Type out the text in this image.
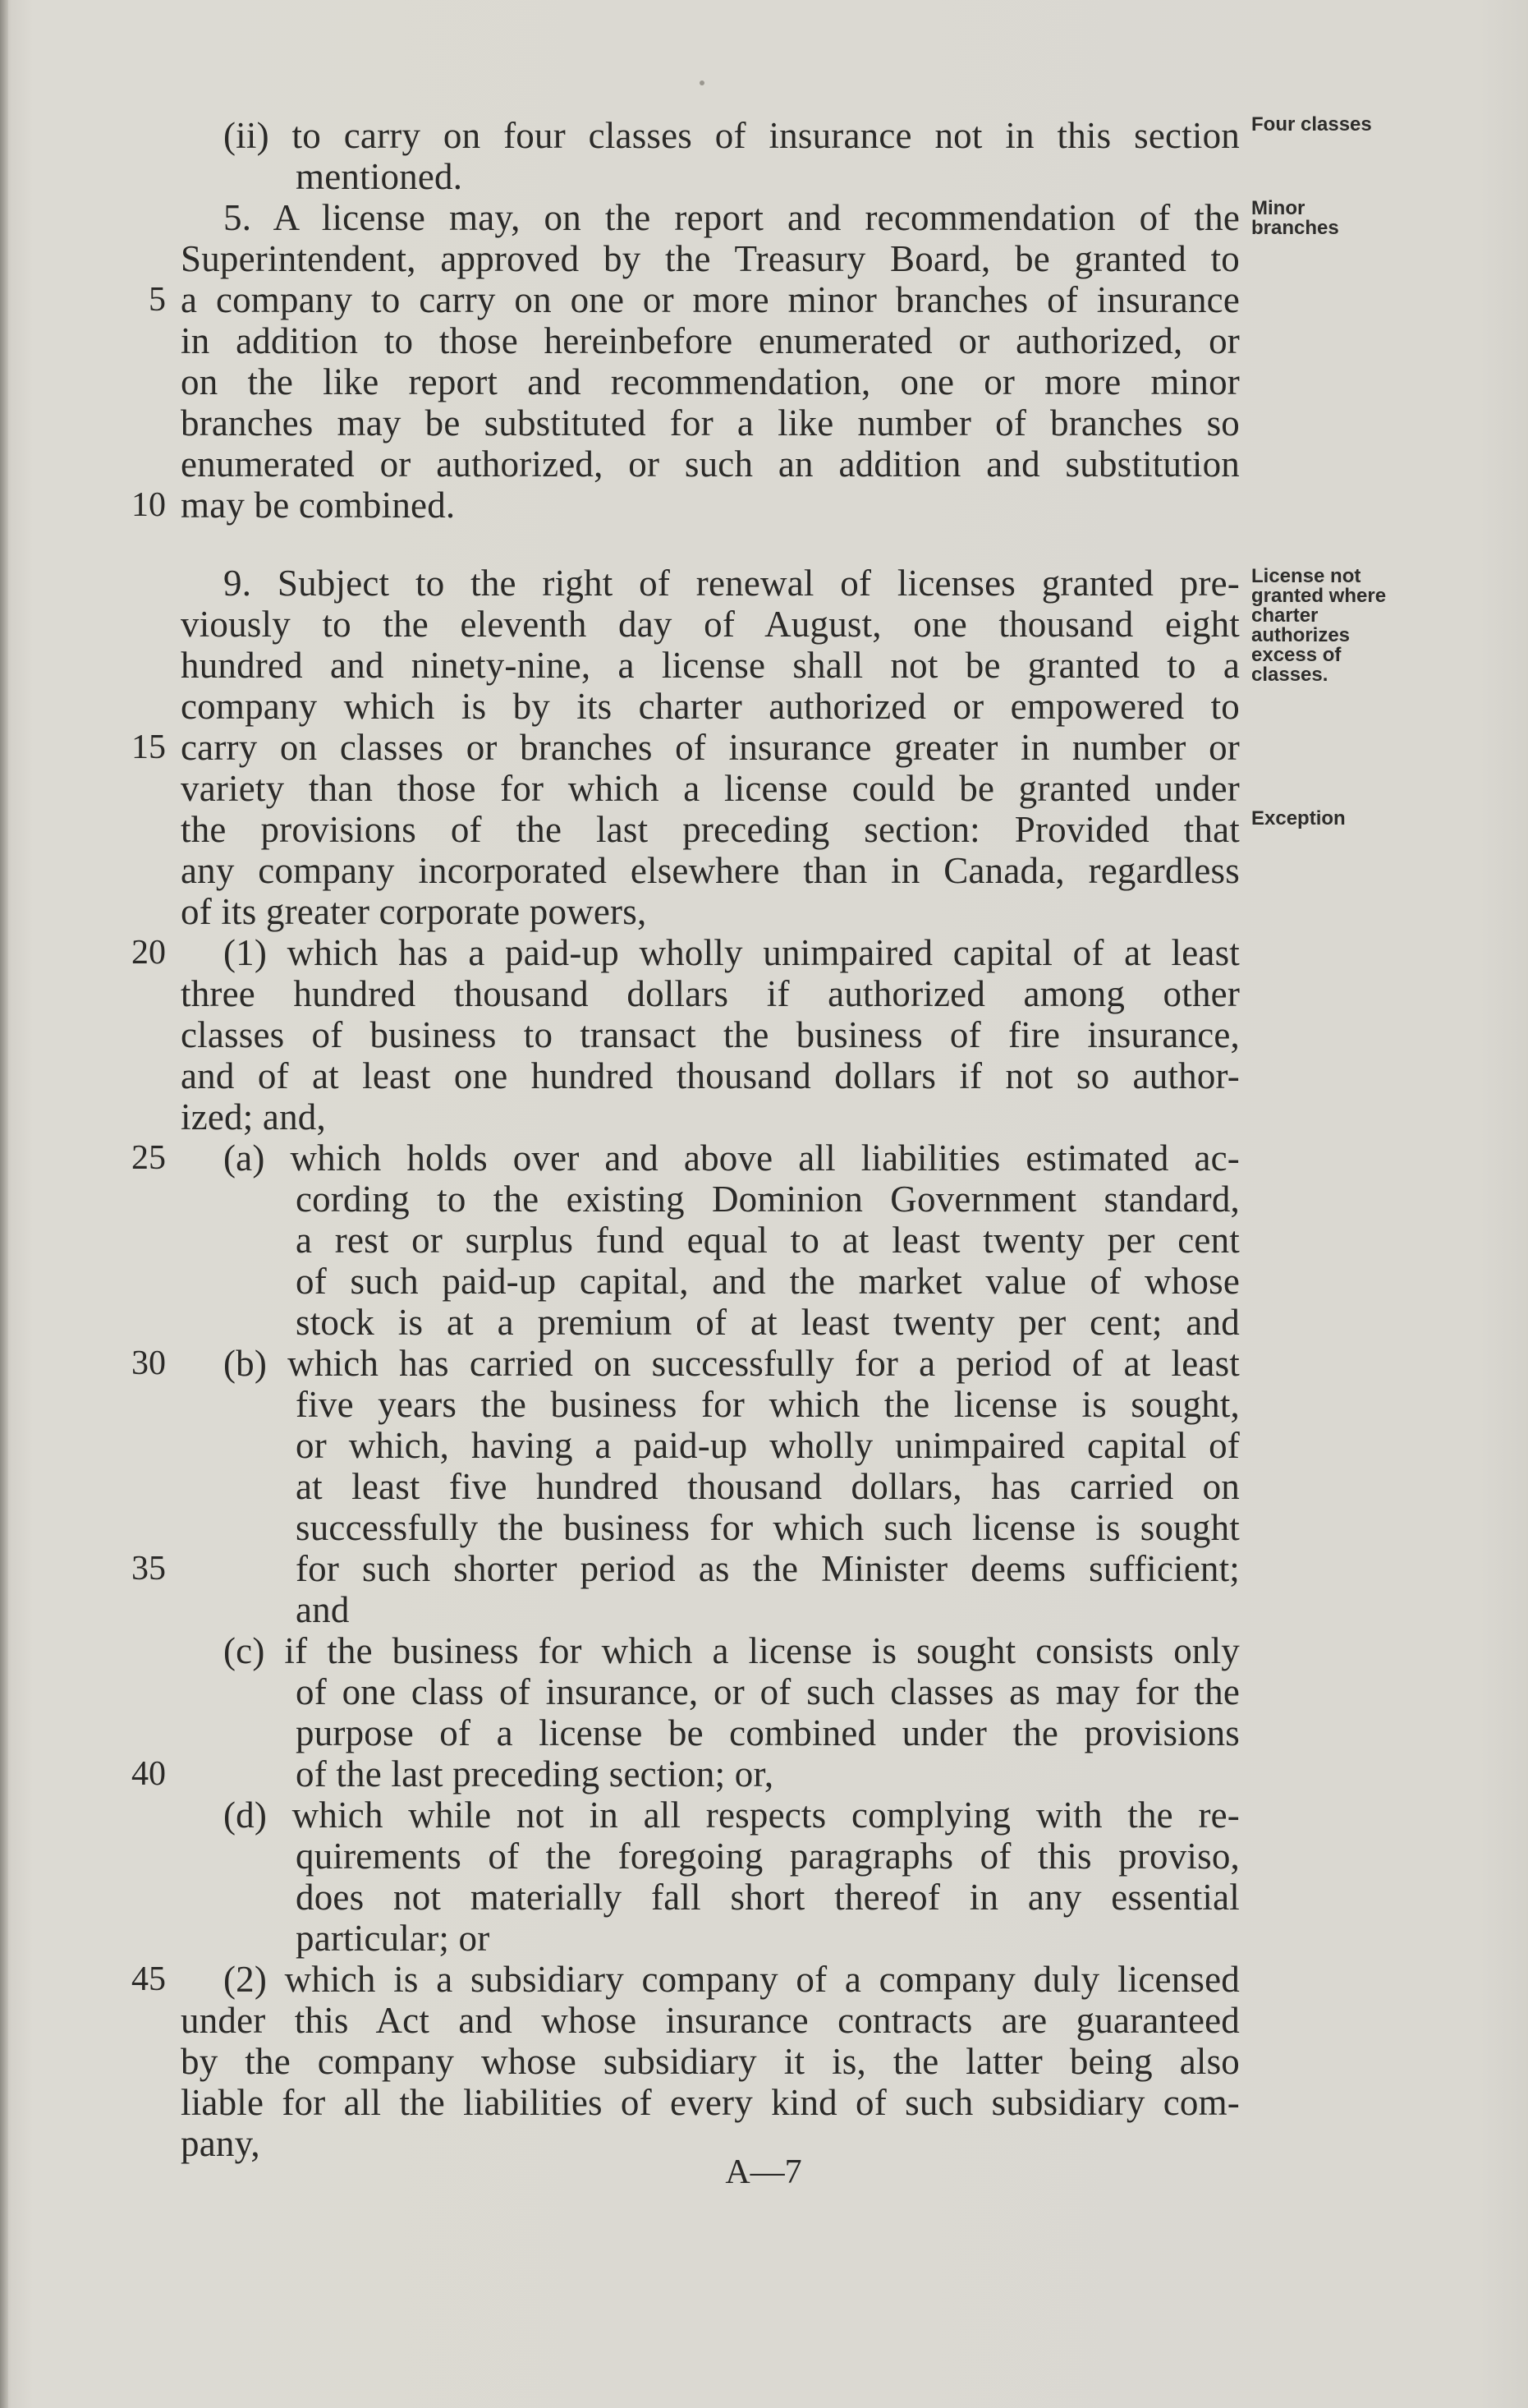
(ii) to carry on four classes of insurance not in this section
mentioned.
5. A license may, on the report and recommendation of the
Superintendent, approved by the Treasury Board, be granted to
a company to carry on one or more minor branches of insurance
in addition to those hereinbefore enumerated or authorized, or
on the like report and recommendation, one or more minor
branches may be substituted for a like number of branches so
enumerated or authorized, or such an addition and substitution
may be combined.
9. Subject to the right of renewal of licenses granted pre-
viously to the eleventh day of August, one thousand eight
hundred and ninety-nine, a license shall not be granted to a
company which is by its charter authorized or empowered to
carry on classes or branches of insurance greater in number or
variety than those for which a license could be granted under
the provisions of the last preceding section: Provided that
any company incorporated elsewhere than in Canada, regardless
of its greater corporate powers,
(1) which has a paid-up wholly unimpaired capital of at least
three hundred thousand dollars if authorized among other
classes of business to transact the business of fire insurance,
and of at least one hundred thousand dollars if not so author-
ized; and,
(a) which holds over and above all liabilities estimated ac-
cording to the existing Dominion Government standard,
a rest or surplus fund equal to at least twenty per cent
of such paid-up capital, and the market value of whose
stock is at a premium of at least twenty per cent; and
(b) which has carried on successfully for a period of at least
five years the business for which the license is sought,
or which, having a paid-up wholly unimpaired capital of
at least five hundred thousand dollars, has carried on
successfully the business for which such license is sought
for such shorter period as the Minister deems sufficient;
and
(c) if the business for which a license is sought consists only
of one class of insurance, or of such classes as may for the
purpose of a license be combined under the provisions
of the last preceding section; or,
(d) which while not in all respects complying with the re-
quirements of the foregoing paragraphs of this proviso,
does not materially fall short thereof in any essential
particular; or
(2) which is a subsidiary company of a company duly licensed
under this Act and whose insurance contracts are guaranteed
by the company whose subsidiary it is, the latter being also
liable for all the liabilities of every kind of such subsidiary com-
pany,
5
10
15
20
25
30
35
40
45
Four classes
Minor branches
License not granted where charter authorizes excess of classes.
Exception
A—7
